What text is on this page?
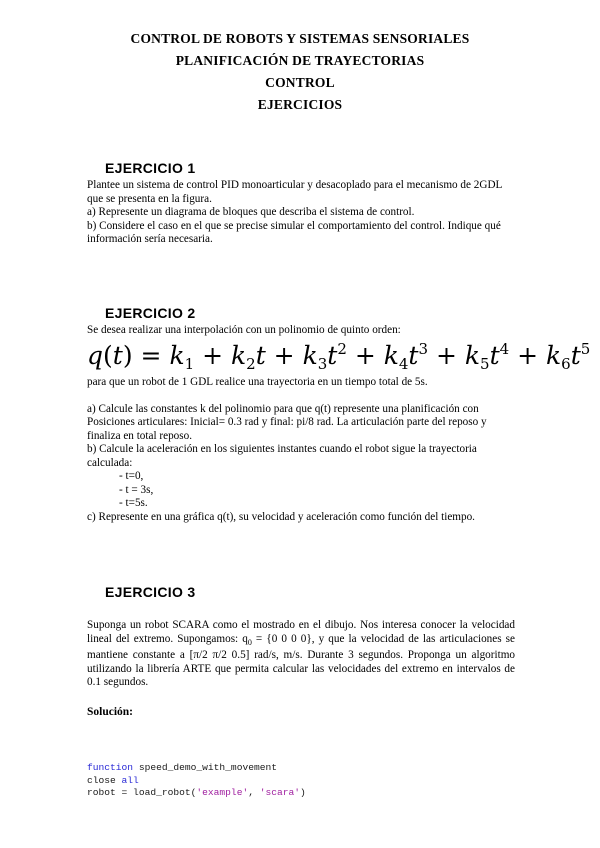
CONTROL DE ROBOTS Y SISTEMAS SENSORIALES
PLANIFICACIÓN DE TRAYECTORIAS
CONTROL
EJERCICIOS
EJERCICIO 1

Plantee un sistema de control PID monoarticular y desacoplado para el mecanismo de 2GDL que se presenta en la figura.

a) Represente un diagrama de bloques que describa el sistema de control.

b) Considere el caso en el que se precise simular el comportamiento del control. Indique qué información sería necesaria.

EJERCICIO 2
Se desea realizar una interpolación con un polinomio de quinto orden:
$q(t) = k_1 + k_2t + k_3t^2 + k_4t^3 + k_5t^4 + k_6t^5$

para que un robot de 1 GDL realice una trayectoria en un tiempo total de 5s.

a) Calcule las constantes k del polinomio para que q(t) represente una planificación con Posiciones articulares: Inicial= 0.3 rad y final: pi/8 rad. La articulación parte del reposo y finaliza en total reposo.

b) Calcule la aceleración en los siguientes instantes cuando el robot sigue la trayectoria calculada:

- t=0,

- t = 3s,

- t=5s.

c) Represente en una gráfica q(t), su velocidad y aceleración como función del tiempo.

EJERCICIO 3

Suponga un robot SCARA como el mostrado en el dibujo. Nos interesa conocer la velocidad lineal del extremo. Supongamos: $q_0 = \{0$ 0 0 0}, y que la velocidad de las articulaciones se mantiene constante a [π/2 π/2 0.5] rad/s, m/s. Durante 3 segundos. Proponga un algoritmo utilizando la librería ARTE que permita calcular las velocidades del extremo en intervalos de 0.1 segundos.

Solución:
function speed_demo_with_movement
close all
robot = load_robot('example', 'scara')
